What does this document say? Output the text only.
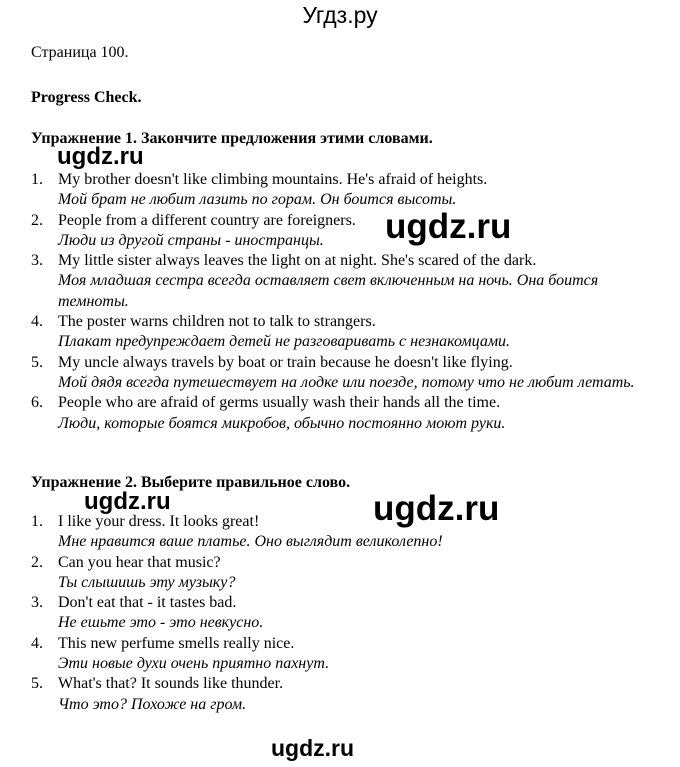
Угдз.ру
Страница 100.
Progress Check.
Упражнение 1. Закончите предложения этими словами.
1. My brother doesn't like climbing mountains. He's afraid of heights.
Мой брат не любит лазить по горам. Он боится высоты.
2. People from a different country are foreigners.
Люди из другой страны - иностранцы.
3. My little sister always leaves the light on at night. She's scared of the dark.
Моя младшая сестра всегда оставляет свет включенным на ночь. Она боится темноты.
4. The poster warns children not to talk to strangers.
Плакат предупреждает детей не разговаривать с незнакомцами.
5. My uncle always travels by boat or train because he doesn't like flying.
Мой дядя всегда путешествует на лодке или поезде, потому что не любит летать.
6. People who are afraid of germs usually wash their hands all the time.
Люди, которые боятся микробов, обычно постоянно моют руки.
Упражнение 2. Выберите правильное слово.
1. I like your dress. It looks great!
Мне нравится ваше платье. Оно выглядит великолепно!
2. Can you hear that music?
Ты слышишь эту музыку?
3. Don't eat that - it tastes bad.
Не ешьте это - это невкусно.
4. This new perfume smells really nice.
Эти новые духи очень приятно пахнут.
5. What's that? It sounds like thunder.
Что это? Похоже на гром.
ugdz.ru
ugdz.ru
ugdz.ru	ugdz.ru
ugdz.ru
